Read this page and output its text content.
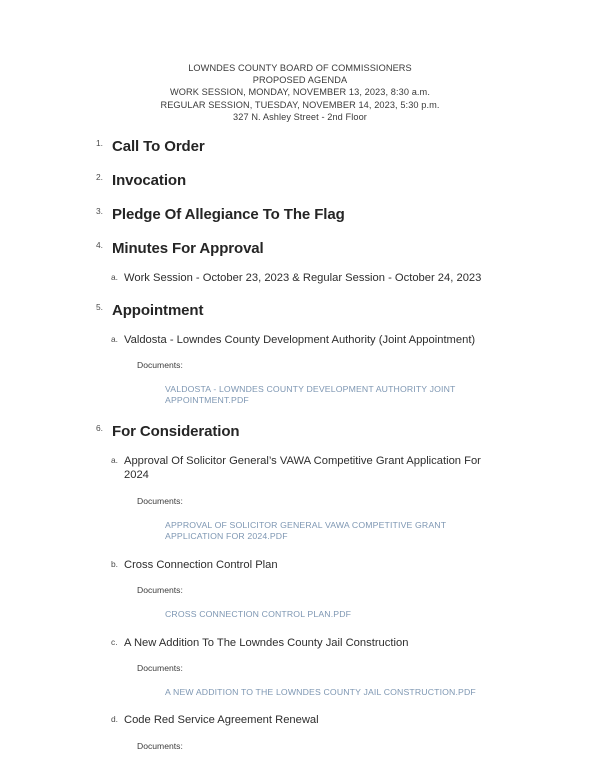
LOWNDES COUNTY BOARD OF COMMISSIONERS
PROPOSED AGENDA
WORK SESSION, MONDAY, NOVEMBER 13, 2023, 8:30 a.m.
REGULAR SESSION, TUESDAY, NOVEMBER 14, 2023, 5:30 p.m.
327 N. Ashley Street - 2nd Floor
1. Call To Order
2. Invocation
3. Pledge Of Allegiance To The Flag
4. Minutes For Approval
a. Work Session - October 23, 2023 & Regular Session - October 24, 2023
5. Appointment
a. Valdosta - Lowndes County Development Authority (Joint Appointment)
Documents:
VALDOSTA - LOWNDES COUNTY DEVELOPMENT AUTHORITY JOINT APPOINTMENT.PDF
6. For Consideration
a. Approval Of Solicitor General’s VAWA Competitive Grant Application For 2024
Documents:
APPROVAL OF SOLICITOR GENERAL VAWA COMPETITIVE GRANT APPLICATION FOR 2024.PDF
b. Cross Connection Control Plan
Documents:
CROSS CONNECTION CONTROL PLAN.PDF
c. A New Addition To The Lowndes County Jail Construction
Documents:
A NEW ADDITION TO THE LOWNDES COUNTY JAIL CONSTRUCTION.PDF
d. Code Red Service Agreement Renewal
Documents:
